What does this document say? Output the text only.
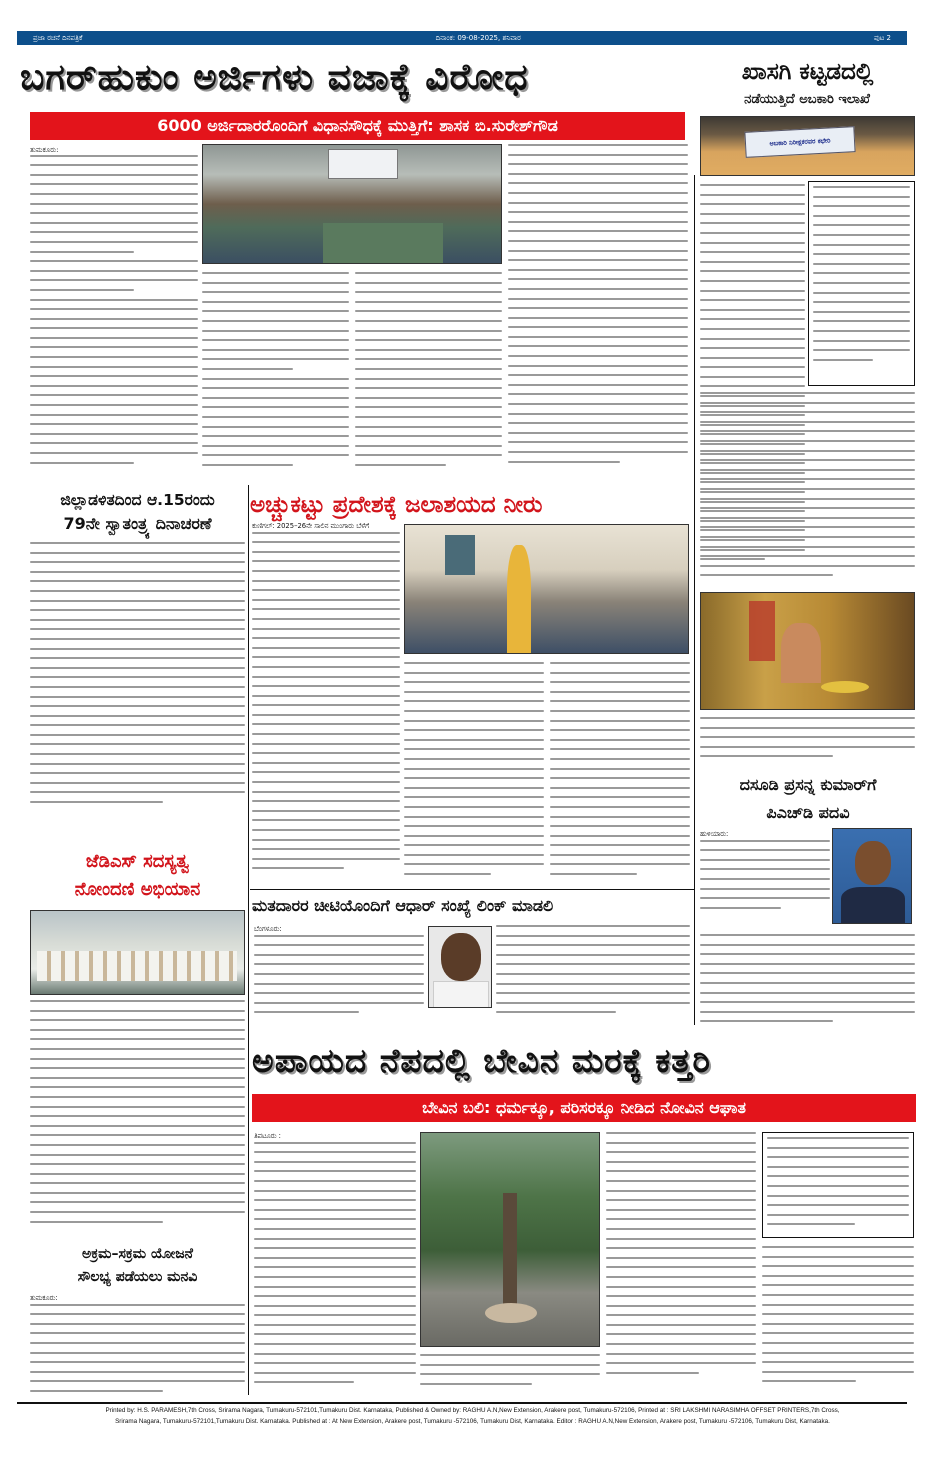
ಪ್ರಜಾ ರಚನೆ ದಿನಪತ್ರಿಕೆ	ದಿನಾಂಕ: 09-08-2025, ಶನಿವಾರ	ಪುಟ 2
ಬಗರ್‌ಹುಕುಂ ಅರ್ಜಿಗಳು ವಜಾಕ್ಕೆ ವಿರೋಧ
6000 ಅರ್ಜಿದಾರರೊಂದಿಗೆ ವಿಧಾನಸೌಧಕ್ಕೆ ಮುತ್ತಿಗೆ: ಶಾಸಕ ಬಿ.ಸುರೇಶ್‌ಗೌಡ
ಖಾಸಗಿ ಕಟ್ಟಡದಲ್ಲಿ
ನಡೆಯುತ್ತಿದೆ ಅಬಕಾರಿ ಇಲಾಖೆ
ಅಬಕಾರಿ ನಿರೀಕ್ಷಕರವರ ಕಛೇರಿ
ತುಮಕೂರು:
ಜಿಲ್ಲಾಡಳಿತದಿಂದ ಆ.15ರಂದು
79ನೇ ಸ್ವಾತಂತ್ರ್ಯ ದಿನಾಚರಣೆ
ಅಚ್ಚುಕಟ್ಟು ಪ್ರದೇಶಕ್ಕೆ ಜಲಾಶಯದ ನೀರು
ಕುಣಿಗಲ್: 2025–26ನೇ ಸಾಲಿನ ಮುಂಗಾರು ಬೆಳೆಗೆ
ದಸೂಡಿ ಪ್ರಸನ್ನ ಕುಮಾರ್‌ಗೆ
ಪಿಎಚ್‌ಡಿ ಪದವಿ
ಹುಳಿಯಾರು:
ಜೆಡಿಎಸ್ ಸದಸ್ಯತ್ವ
ನೋಂದಣಿ ಅಭಿಯಾನ
ಮತದಾರರ ಚೀಟಿಯೊಂದಿಗೆ ಆಧಾರ್ ಸಂಖ್ಯೆ ಲಿಂಕ್ ಮಾಡಲಿ
ಬೆಂಗಳೂರು:
ಅಪಾಯದ ನೆಪದಲ್ಲಿ ಬೇವಿನ ಮರಕ್ಕೆ ಕತ್ತರಿ
ಬೇವಿನ ಬಲಿ: ಧರ್ಮಕ್ಕೂ, ಪರಿಸರಕ್ಕೂ ನೀಡಿದ ನೋವಿನ ಆಘಾತ
ತಿಪಟೂರು :
ಅಕ್ರಮ–ಸಕ್ರಮ ಯೋಜನೆ
ಸೌಲಭ್ಯ ಪಡೆಯಲು ಮನವಿ
ತುಮಕೂರು:
Printed by: H.S. PARAMESH,7th Cross, Srirama Nagara, Tumakuru-572101,Tumakuru Dist. Karnataka, Published & Owned by: RAGHU A.N,New Extension, Arakere post, Tumakuru-572106, Printed at : SRI LAKSHMI NARASIMHA OFFSET PRINTERS,7th Cross,
Srirama Nagara, Tumakuru-572101,Tumakuru Dist. Karnataka. Published at : At New Extension, Arakere post, Tumakuru -572106, Tumakuru Dist, Karnataka. Editor : RAGHU A.N,New Extension, Arakere post, Tumakuru -572106, Tumakuru Dist, Karnataka.
